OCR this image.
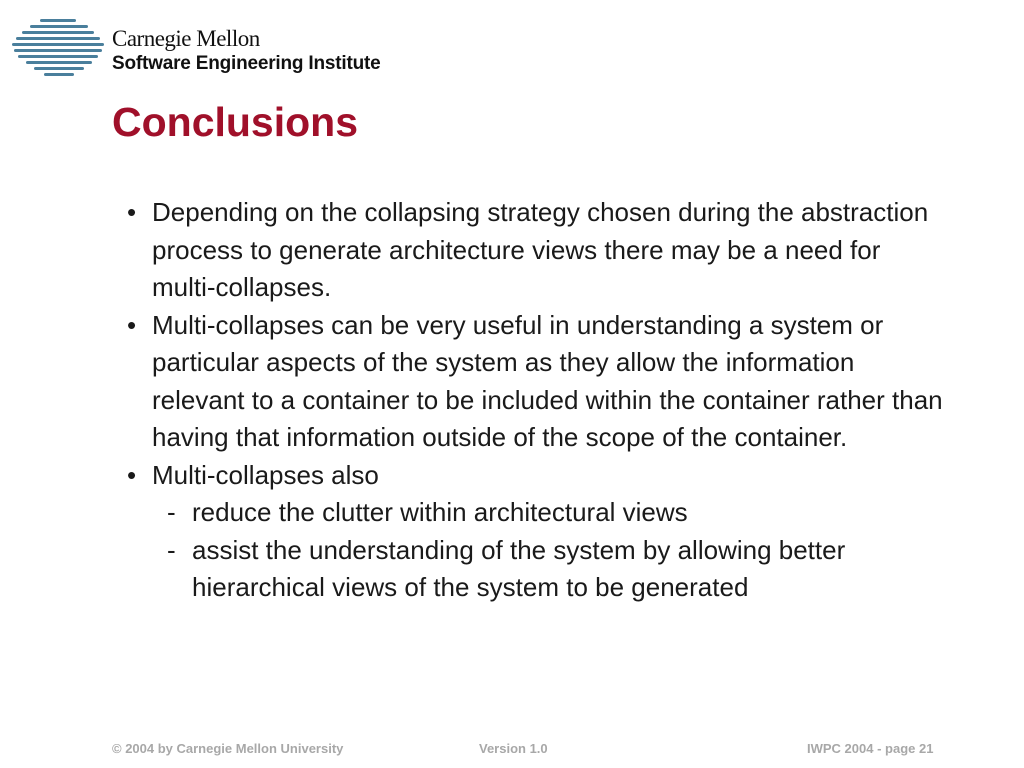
Carnegie Mellon
Software Engineering Institute
Conclusions
• Depending on the collapsing strategy chosen during the abstraction process to generate architecture views there may be a need for multi-collapses.
• Multi-collapses can be very useful in understanding a system or particular aspects of the system as they allow the information relevant to a container to be included within the container rather than having that information outside of the scope of the container.
• Multi-collapses also
- reduce the clutter within architectural views
- assist the understanding of the system by allowing better hierarchical views of the system to be generated
© 2004 by Carnegie Mellon University	Version 1.0	IWPC 2004 - page 21
